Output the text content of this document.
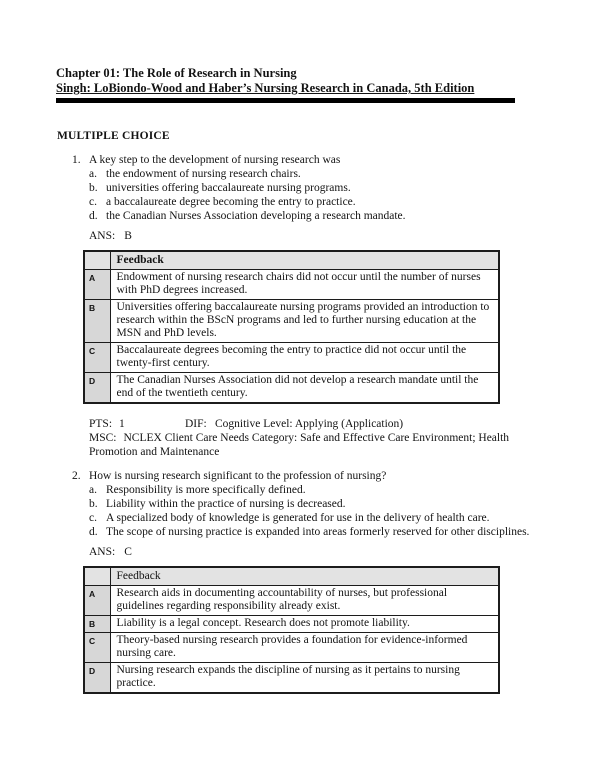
Chapter 01: The Role of Research in Nursing
Singh: LoBiondo-Wood and Haber’s Nursing Research in Canada, 5th Edition
MULTIPLE CHOICE
1. A key step to the development of nursing research was
a. the endowment of nursing research chairs.
b. universities offering baccalaureate nursing programs.
c. a baccalaureate degree becoming the entry to practice.
d. the Canadian Nurses Association developing a research mandate.
ANS: B
	Feedback
A	Endowment of nursing research chairs did not occur until the number of nurses with PhD degrees increased.
B	Universities offering baccalaureate nursing programs provided an introduction to research within the BScN programs and led to further nursing education at the MSN and PhD levels.
C	Baccalaureate degrees becoming the entry to practice did not occur until the twenty-first century.
D	The Canadian Nurses Association did not develop a research mandate until the end of the twentieth century.
PTS: 1	DIF: Cognitive Level: Applying (Application)
MSC: NCLEX Client Care Needs Category: Safe and Effective Care Environment; Health Promotion and Maintenance
2. How is nursing research significant to the profession of nursing?
a. Responsibility is more specifically defined.
b. Liability within the practice of nursing is decreased.
c. A specialized body of knowledge is generated for use in the delivery of health care.
d. The scope of nursing practice is expanded into areas formerly reserved for other disciplines.
ANS: C
	Feedback
A	Research aids in documenting accountability of nurses, but professional guidelines regarding responsibility already exist.
B	Liability is a legal concept. Research does not promote liability.
C	Theory-based nursing research provides a foundation for evidence-informed nursing care.
D	Nursing research expands the discipline of nursing as it pertains to nursing practice.
